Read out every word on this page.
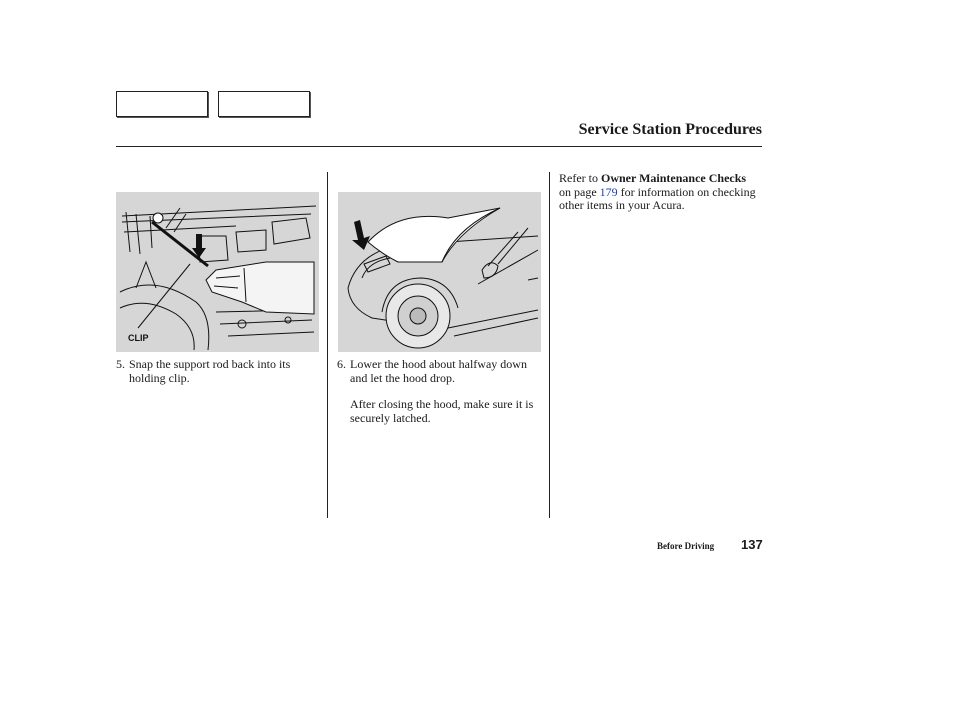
Service Station Procedures
CLIP
5. Snap the support rod back into its holding clip.
6. Lower the hood about halfway down and let the hood drop.
After closing the hood, make sure it is securely latched.
Refer to Owner Maintenance Checks on page 179 for information on checking other items in your Acura.
Before Driving 137
